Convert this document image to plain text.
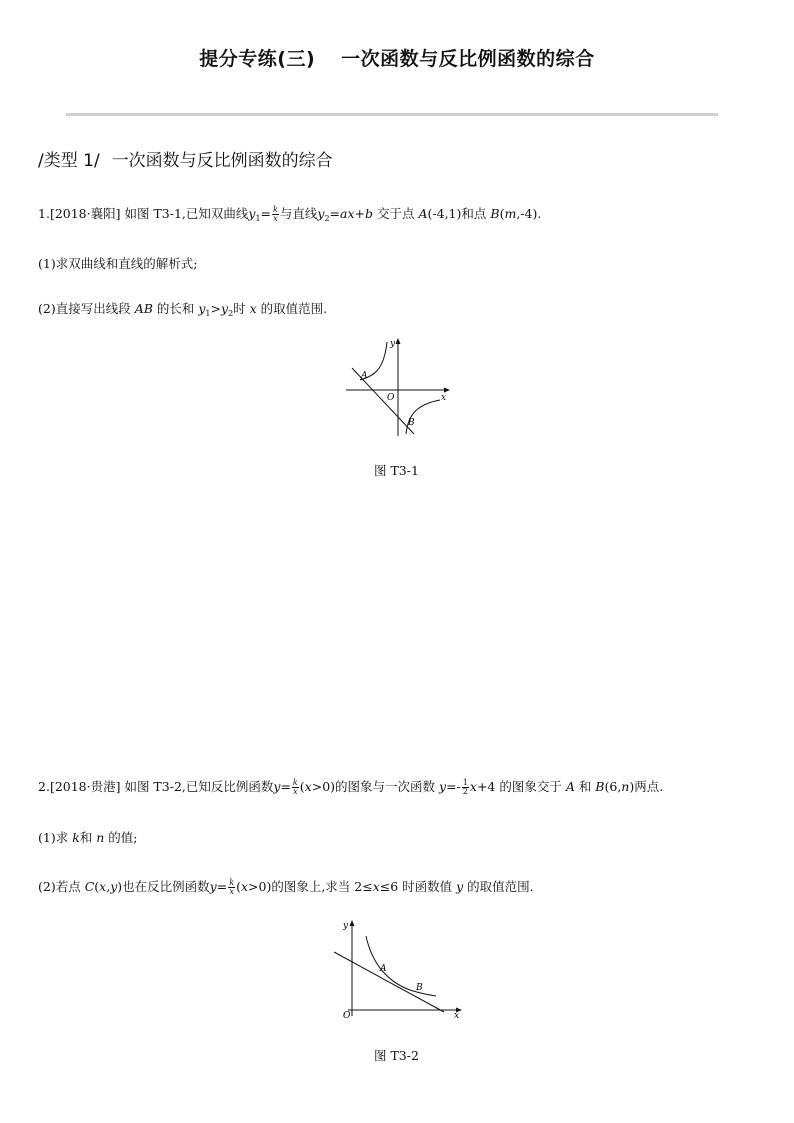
提分专练(三) 一次函数与反比例函数的综合
/类型 1/ 一次函数与反比例函数的综合
1.[2018·襄阳] 如图 T3-1,已知双曲线$y_1= \frac{k}{x}$ 与直线$y_2=ax+b$ 交于点 A(-4,1)和点 B(m,-4).
(1)求双曲线和直线的解析式;
(2)直接写出线段 AB 的长和 $y_1>y_2$时 x 的取值范围.
y
x
O
A
B
图 T3-1
2.[2018·贵港] 如图 T3-2,已知反比例函数$y= \frac{k}{x} (x>0)$的图象与一次函数 $y=- \frac{1}{2} x+4$ 的图象交于 A 和 B(6,n)两点.
(1)求 k和 n 的值;
(2)若点 C(x,y)也在反比例函数$y= \frac{k}{x} (x>0)$的图象上,求当 2≤x≤6 时函数值 y 的取值范围.
y
x
O
A
B
图 T3-2
